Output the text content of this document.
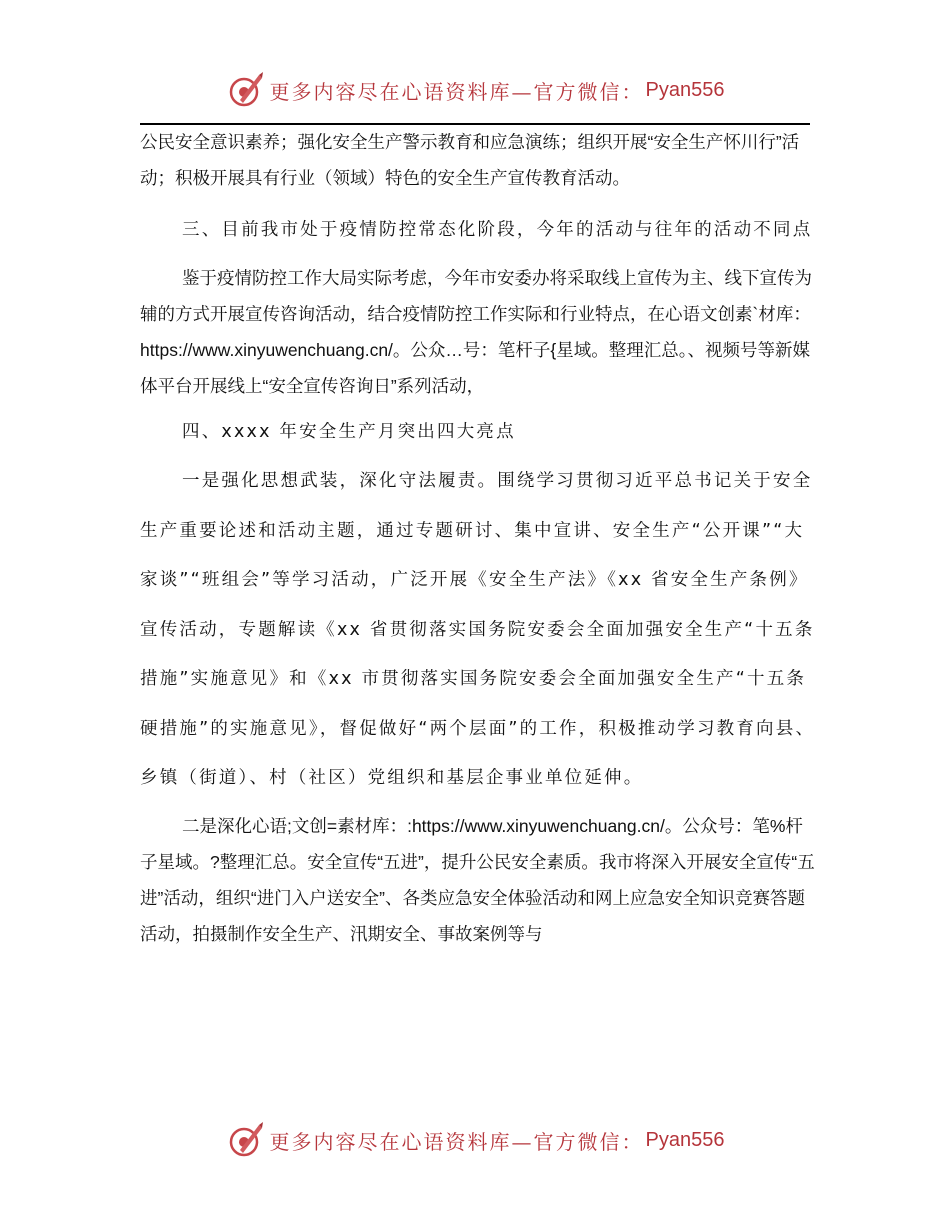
更多内容尽在心语资料库—官方微信： Pyan556

公民安全意识素养；强化安全生产警示教育和应急演练；组织开展“安全生产怀川行”活动；积极开展具有行业（领域）特色的安全生产宣传教育活动。

三、目前我市处于疫情防控常态化阶段，今年的活动与往年的活动不同点

鉴于疫情防控工作大局实际考虑，今年市安委办将采取线上宣传为主、线下宣传为辅的方式开展宣传咨询活动，结合疫情防控工作实际和行业特点，在心语文创素`材库：https://www.xinyuwenchuang.cn/。公众…号：笔杆子{星域。整理汇总。、视频号等新媒体平台开展线上“安全宣传咨询日”系列活动，

四、xxxx 年安全生产月突出四大亮点

一是强化思想武装，深化守法履责。围绕学习贯彻习近平总书记关于安全生产重要论述和活动主题，通过专题研讨、集中宣讲、安全生产“公开课”“大家谈”“班组会”等学习活动，广泛开展《安全生产法》《xx 省安全生产条例》宣传活动，专题解读《xx 省贯彻落实国务院安委会全面加强安全生产“十五条措施”实施意见》和《xx 市贯彻落实国务院安委会全面加强安全生产“十五条硬措施”的实施意见》，督促做好“两个层面”的工作，积极推动学习教育向县、乡镇（街道）、村（社区）党组织和基层企事业单位延伸。

二是深化心语;文创=素材库：:https://www.xinyuwenchuang.cn/。公众号：笔%杆子星域。?整理汇总。安全宣传“五进”，提升公民安全素质。我市将深入开展安全宣传“五进”活动，组织“进门入户送安全”、各类应急安全体验活动和网上应急安全知识竞赛答题活动，拍摄制作安全生产、汛期安全、事故案例等与

更多内容尽在心语资料库—官方微信： Pyan556
